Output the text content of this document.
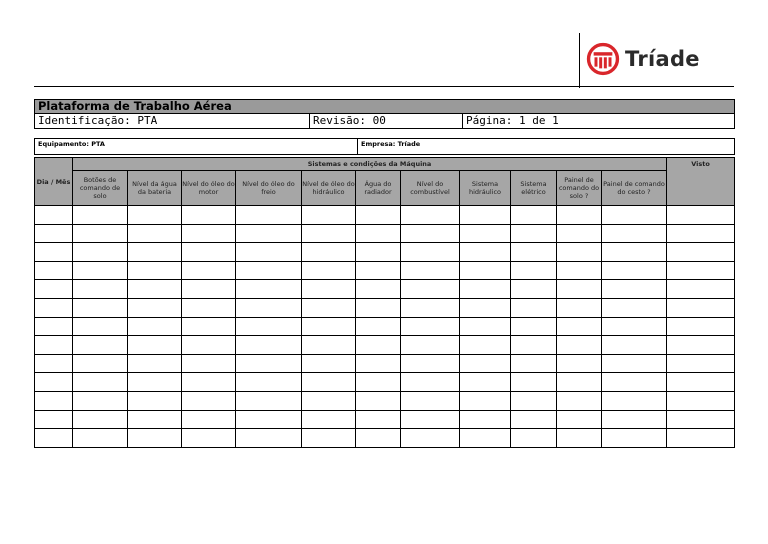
Tríade
Plataforma de Trabalho Aérea
Identificação: PTA	Revisão: 00	Página: 1 de 1
Equipamento: PTA	Empresa: Tríade
Dia / Mês	Sistemas e condições da Máquina											Visto
	Botões de comando de solo	Nível da água da bateria	Nível do óleo do motor	Nível do óleo do freio	Nível de óleo do hidráulico	Água do radiador	Nível do combustível	Sistema hidráulico	Sistema elétrico	Painel de comando do solo ?	Painel de comando do cesto ?	
